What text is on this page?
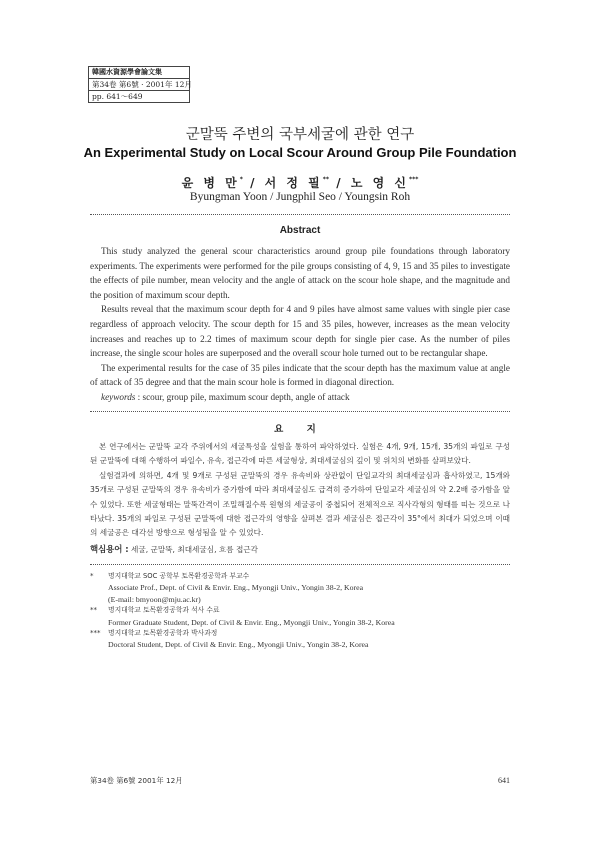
韓國水資源學會論文集
第34卷 第6號 · 2001年 12月
pp. 641～649
군말뚝 주변의 국부세굴에 관한 연구
An Experimental Study on Local Scour Around Group Pile Foundation
윤 병 만* / 서 정 필** / 노 영 신***
Byungman Yoon / Jungphil Seo / Youngsin Roh
Abstract

This study analyzed the general scour characteristics around group pile foundations through laboratory experiments. The experiments were performed for the pile groups consisting of 4, 9, 15 and 35 piles to investigate the effects of pile number, mean velocity and the angle of attack on the scour hole shape, and the magnitude and the position of maximum scour depth.

Results reveal that the maximum scour depth for 4 and 9 piles have almost same values with single pier case regardless of approach velocity. The scour depth for 15 and 35 piles, however, increases as the mean velocity increases and reaches up to 2.2 times of maximum scour depth for single pier case. As the number of piles increase, the single scour holes are superposed and the overall scour hole turned out to be rectangular shape.

The experimental results for the case of 35 piles indicate that the scour depth has the maximum value at angle of attack of 35 degree and that the main scour hole is formed in diagonal direction.

keywords : scour, group pile, maximum scour depth, angle of attack

요 지

본 연구에서는 군말뚝 교각 주위에서의 세굴특성을 실험을 통하여 파악하였다. 실험은 4개, 9개, 15개, 35개의 파일로 구성된 군말뚝에 대해 수행하여 파일수, 유속, 접근각에 따른 세굴형상, 최대세굴심의 깊이 및 위치의 변화를 살펴보았다.

실험결과에 의하면, 4개 및 9개로 구성된 군말뚝의 경우 유속비와 상관없이 단일교각의 최대세굴심과 흡사하였고, 15개와 35개로 구성된 군말뚝의 경우 유속비가 증가함에 따라 최대세굴심도 급격히 증가하여 단일교각 세굴심의 약 2.2배 증가함을 알 수 있었다. 또한 세굴형태는 말뚝간격이 조밀해질수록 원형의 세굴공이 중첩되어 전체적으로 직사각형의 형태를 띠는 것으로 나타났다. 35개의 파일로 구성된 군말뚝에 대한 접근각의 영향을 살펴본 결과 세굴심은 접근각이 35°에서 최대가 되었으며 이때의 세굴공은 대각선 방향으로 형성됨을 알 수 있었다.

핵심용어 : 세굴, 군말뚝, 최대세굴심, 흐름 접근각

*	명지대학교 SOC 공학부 토목환경공학과 부교수
Associate Prof., Dept. of Civil & Envir. Eng., Myongji Univ., Yongin 38-2, Korea
(E-mail: bmyoon@mju.ac.kr)
**	명지대학교 토목환경공학과 석사 수료
Former Graduate Student, Dept. of Civil & Envir. Eng., Myongji Univ., Yongin 38-2, Korea
***	명지대학교 토목환경공학과 박사과정
Doctoral Student, Dept. of Civil & Envir. Eng., Myongji Univ., Yongin 38-2, Korea
第34卷 第6號 2001年 12月	641
